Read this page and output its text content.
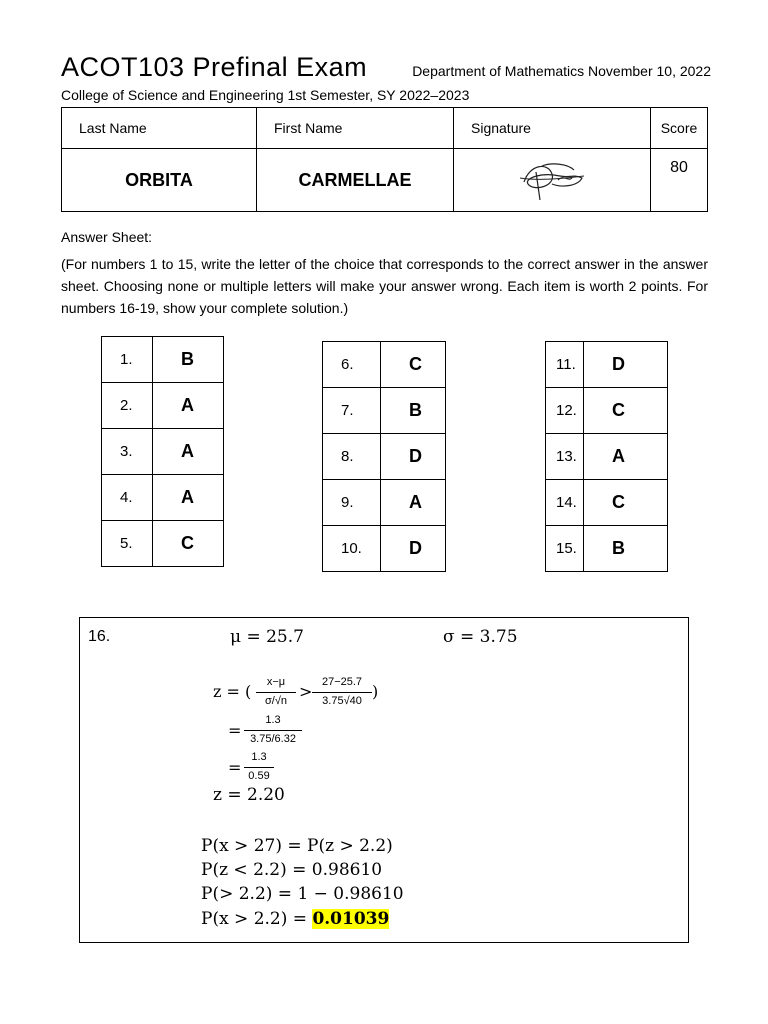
ACOT103 Prefinal Exam	Department of Mathematics November 10, 2022
College of Science and Engineering 1st Semester, SY 2022–2023
Last Name	First Name	Signature	Score
ORBITA	CARMELLAE		80
Answer Sheet:
(For numbers 1 to 15, write the letter of the choice that corresponds to the correct answer in the answer sheet. Choosing none or multiple letters will make your answer wrong. Each item is worth 2 points. For numbers 16-19, show your complete solution.)
1.	B
2.	A
3.	A
4.	A
5.	C
6.	C
7.	B
8.	D
9.	A
10.	D
11.	D
12.	C
13.	A
14.	C
15.	B
16.	μ = 25.7	σ = 3.75
z = (	x−μ
σ/√n > 27−25.7
3.75√40 )
=
1.3
3.75/6.32
=
1.3
0.59
z = 2.20
P(x > 27) = P(z > 2.2)
P(z < 2.2) = 0.98610
P(> 2.2) = 1 − 0.98610
P(x > 2.2) = 0.01039
